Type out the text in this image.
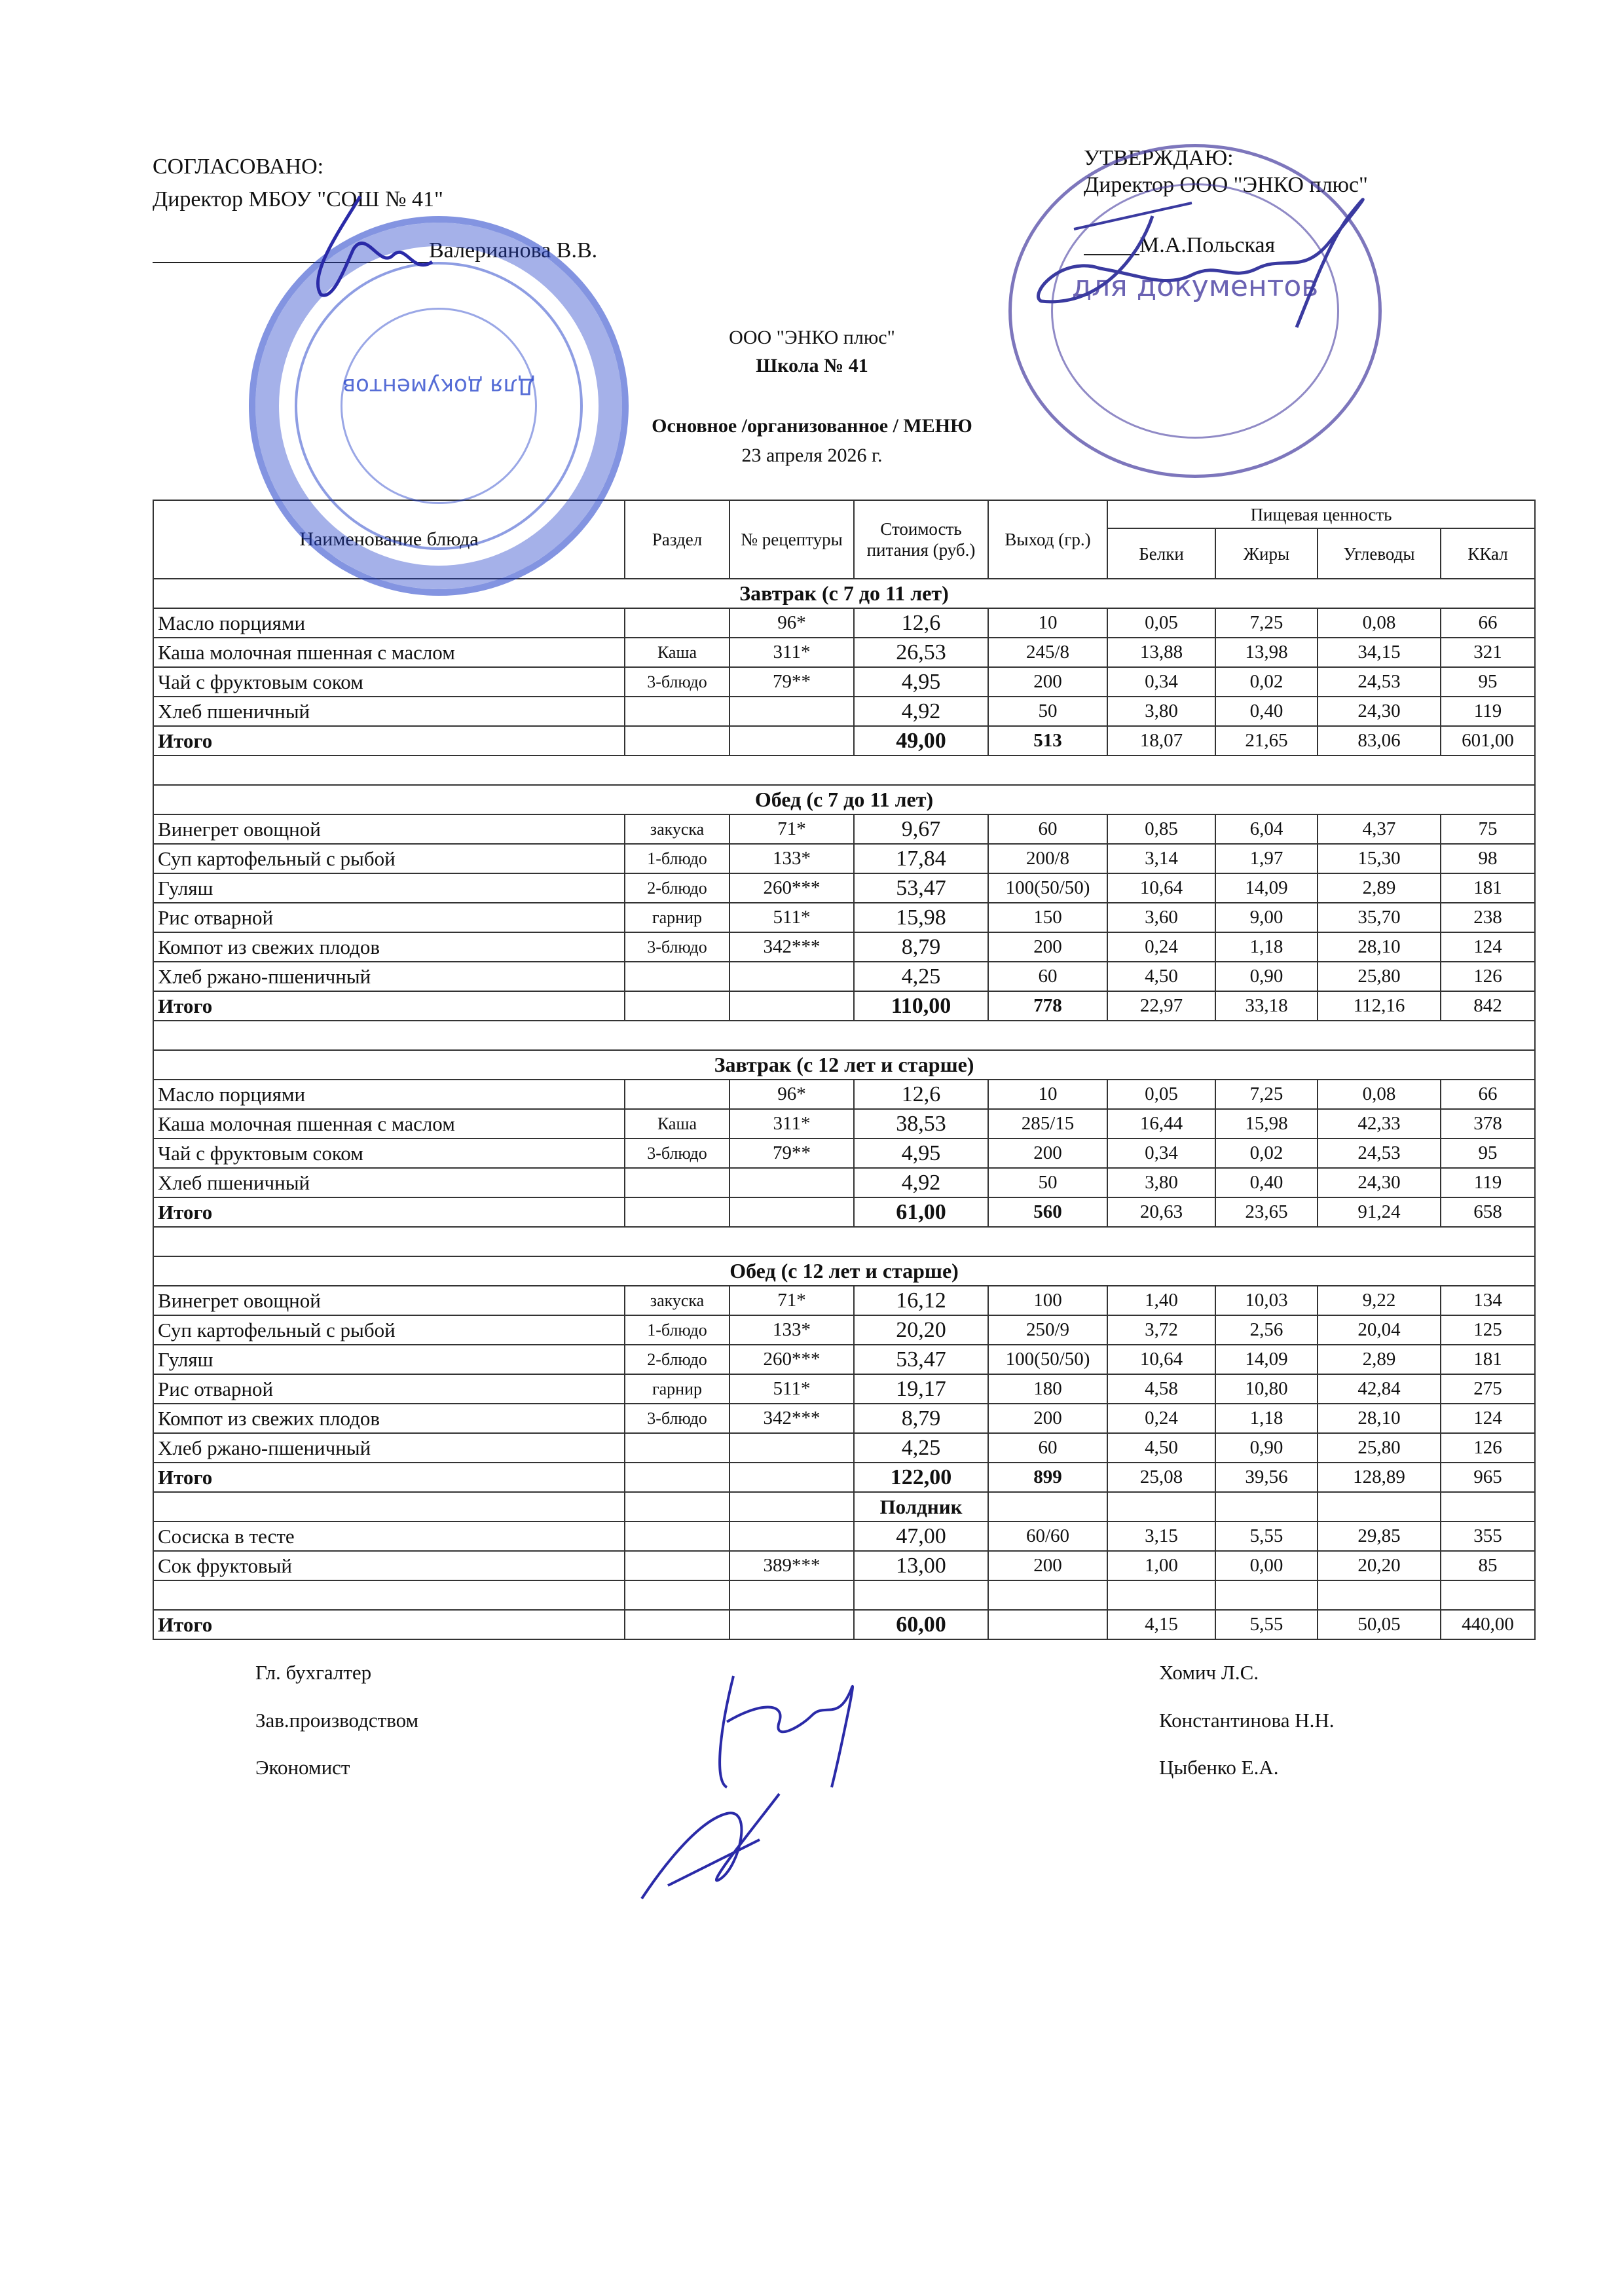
СОГЛАСОВАНО:
Директор МБОУ "СОШ № 41"
Валерианова В.В.
УТВЕРЖДАЮ:
Директор ООО "ЭНКО плюс"
М.А.Польская
ООО "ЭНКО плюс"
Школа № 41
Основное /организованное / МЕНЮ
23 апреля 2026 г.
Наименование блюда	Раздел	№ рецептуры	Стоимость питания (руб.)	Выход (гр.)	Пищевая ценность			
					Белки	Жиры	Углеводы	ККал
Завтрак (с 7 до 11 лет)								
Масло порциями		96*	12,6	10	0,05	7,25	0,08	66
Каша молочная пшенная с маслом	Каша	311*	26,53	245/8	13,88	13,98	34,15	321
Чай с фруктовым соком	3-блюдо	79**	4,95	200	0,34	0,02	24,53	95
Хлеб пшеничный			4,92	50	3,80	0,40	24,30	119
Итого			49,00	513	18,07	21,65	83,06	601,00

Обед (с 7 до 11 лет)								
Винегрет овощной	закуска	71*	9,67	60	0,85	6,04	4,37	75
Суп картофельный с рыбой	1-блюдо	133*	17,84	200/8	3,14	1,97	15,30	98
Гуляш	2-блюдо	260***	53,47	100(50/50)	10,64	14,09	2,89	181
Рис отварной	гарнир	511*	15,98	150	3,60	9,00	35,70	238
Компот из свежих плодов	3-блюдо	342***	8,79	200	0,24	1,18	28,10	124
Хлеб ржано-пшеничный			4,25	60	4,50	0,90	25,80	126
Итого			110,00	778	22,97	33,18	112,16	842

Завтрак (с 12 лет и старше)								
Масло порциями		96*	12,6	10	0,05	7,25	0,08	66
Каша молочная пшенная с маслом	Каша	311*	38,53	285/15	16,44	15,98	42,33	378
Чай с фруктовым соком	3-блюдо	79**	4,95	200	0,34	0,02	24,53	95
Хлеб пшеничный			4,92	50	3,80	0,40	24,30	119
Итого			61,00	560	20,63	23,65	91,24	658

Обед (с 12 лет и старше)								
Винегрет овощной	закуска	71*	16,12	100	1,40	10,03	9,22	134
Суп картофельный с рыбой	1-блюдо	133*	20,20	250/9	3,72	2,56	20,04	125
Гуляш	2-блюдо	260***	53,47	100(50/50)	10,64	14,09	2,89	181
Рис отварной	гарнир	511*	19,17	180	4,58	10,80	42,84	275
Компот из свежих плодов	3-блюдо	342***	8,79	200	0,24	1,18	28,10	124
Хлеб ржано-пшеничный			4,25	60	4,50	0,90	25,80	126
Итого			122,00	899	25,08	39,56	128,89	965
			Полдник					
Сосиска в тесте			47,00	60/60	3,15	5,55	29,85	355
Сок фруктовый		389***	13,00	200	1,00	0,00	20,20	85

Итого			60,00		4,15	5,55	50,05	440,00
Для документов
для документов
Гл. бухгалтер	Хомич Л.С.
Зав.производством	Константинова Н.Н.
Экономист	Цыбенко Е.А.
